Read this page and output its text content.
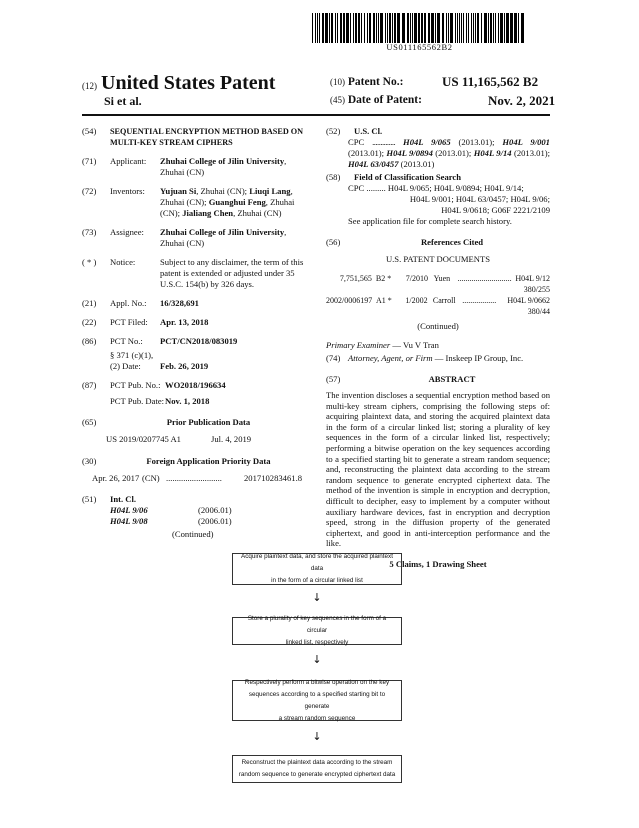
US011165562B2
(12) United States Patent
Si et al.
(10) Patent No.:	US 11,165,562 B2
(45) Date of Patent:	Nov. 2, 2021
(54)	SEQUENTIAL ENCRYPTION METHOD BASED ON MULTI-KEY STREAM CIPHERS
(71)	Applicant:	Zhuhai College of Jilin University, Zhuhai (CN)
(72)	Inventors:	Yujuan Si, Zhuhai (CN); Liuqi Lang, Zhuhai (CN); Guanghui Feng, Zhuhai (CN); Jialiang Chen, Zhuhai (CN)
(73)	Assignee:	Zhuhai College of Jilin University, Zhuhai (CN)
( * )	Notice:	Subject to any disclaimer, the term of this patent is extended or adjusted under 35 U.S.C. 154(b) by 326 days.
(21)	Appl. No.:	16/328,691
(22)	PCT Filed:	Apr. 13, 2018
(86)	PCT No.:	PCT/CN2018/083019
§ 371 (c)(1),
(2) Date:	Feb. 26, 2019
(87)	PCT Pub. No.: WO2018/196634
PCT Pub. Date: Nov. 1, 2018
(65)	Prior Publication Data
US 2019/0207745 A1	Jul. 4, 2019
(30)	Foreign Application Priority Data
Apr. 26, 2017 (CN) ..........................	201710283461.8
(51)	Int. Cl.
H04L 9/06	(2006.01)
H04L 9/08	(2006.01)
(Continued)
(52)	U.S. Cl.
CPC .............. H04L 9/065 (2013.01); H04L 9/001 (2013.01); H04L 9/0894 (2013.01); H04L 9/14 (2013.01); H04L 63/0457 (2013.01)
(58)	Field of Classification Search
CPC ......... H04L 9/065; H04L 9/0894; H04L 9/14;
H04L 9/001; H04L 63/0457; H04L 9/06;
H04L 9/0618; G06F 2221/2109
See application file for complete search history.
(56)	References Cited
U.S. PATENT DOCUMENTS
7,751,565 B2 *	7/2010 Yuen ........................... H04L 9/12
380/255
2002/0006197 A1 *	1/2002 Carroll .................	H04L 9/0662
380/44
(Continued)
Primary Examiner — Vu V Tran
(74) Attorney, Agent, or Firm — Inskeep IP Group, Inc.
(57)	ABSTRACT
The invention discloses a sequential encryption method based on multi-key stream ciphers, comprising the following steps of: acquiring plaintext data, and storing the acquired plaintext data in the form of a circular linked list; storing a plurality of key sequences in the form of a circular linked list, respectively; performing a bitwise operation on the key sequences according to a specified starting bit to generate a stream random sequence; and, reconstructing the plaintext data according to the stream random sequence to generate encrypted ciphertext data. The method of the invention is simple in encryption and decryption, difficult to decipher, easy to implement by a computer without auxiliary hardware devices, fast in encryption and decryption speed, strong in the diffusion property of the generated ciphertext, and good in anti-interception performance and the like.
5 Claims, 1 Drawing Sheet
Acquire plaintext data, and store the acquired plaintext data
in the form of a circular linked list
↓
Store a plurality of key sequences in the form of a circular
linked list, respectively
↓
Respectively perform a bitwise operation on the key
sequences according to a specified starting bit to generate
a stream random sequence
↓
Reconstruct the plaintext data according to the stream
random sequence to generate encrypted ciphertext data
